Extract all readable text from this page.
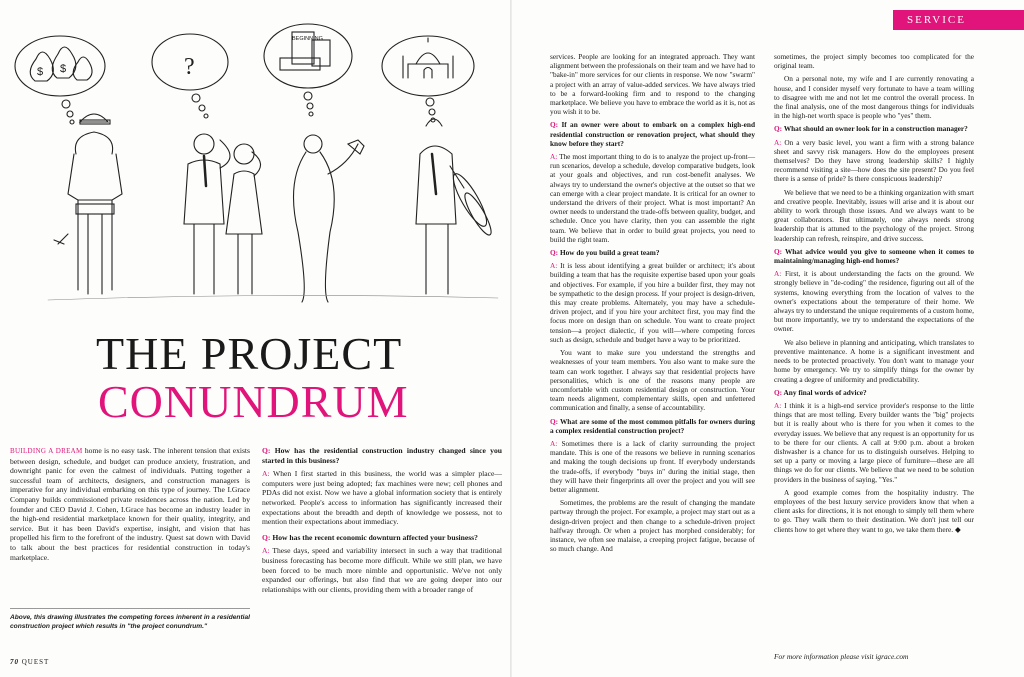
$ $	?
BEGINNING
THE PROJECT
CONUNDRUM

BUILDING A DREAM home is no easy task. The inherent tension that exists between design, schedule, and budget can produce anxiety, frustration, and downright panic for even the calmest of individuals. Putting together a successful team of architects, designers, and construction managers is imperative for any individual embarking on this type of journey. The I.Grace Company builds commissioned private residences across the nation. Led by founder and CEO David J. Cohen, I.Grace has become an industry leader in the high-end residential marketplace known for their quality, integrity, and service. But it has been David's expertise, insight, and vision that has propelled his firm to the forefront of the industry. Quest sat down with David to talk about the best practices for residential construction in today's marketplace.

Above, this drawing illustrates the competing forces inherent in a residential construction project which results in "the project conundrum."

Q: How has the residential construction industry changed since you started in this business?

A: When I first started in this business, the world was a simpler place—computers were just being adopted; fax machines were new; cell phones and PDAs did not exist. Now we have a global information society that is entirely networked. People's access to information has significantly increased their expectations about the breadth and depth of knowledge we possess, not to mention their expectations about immediacy.

Q: How has the recent economic downturn affected your business?

A: These days, speed and variability intersect in such a way that traditional business forecasting has become more difficult. While we still plan, we have been forced to be much more nimble and opportunistic. We've not only expanded our offerings, but also find that we are going deeper into our relationships with our clients, providing them with a broader range of

70 QUEST
SERVICE

services. People are looking for an integrated approach. They want alignment between the professionals on their team and we have had to "bake-in" more services for our clients in response. We now "swarm" a project with an array of value-added services. We have always tried to be a forward-looking firm and to respond to the changing marketplace. We believe you have to embrace the world as it is, not as you wish it to be.

Q: If an owner were about to embark on a complex high-end residential construction or renovation project, what should they know before they start?

A: The most important thing to do is to analyze the project up-front—run scenarios, develop a schedule, develop comparative budgets, look at your goals and objectives, and run cost-benefit analyses. We always try to understand the owner's objective at the outset so that we can emerge with a clear project mandate. It is critical for an owner to understand the drivers of their project. What is most important? An owner needs to understand the trade-offs between quality, budget, and schedule. Once you have clarity, then you can assemble the right team. We believe that in order to build great projects, you need to build the right team.

Q: How do you build a great team?

A: It is less about identifying a great builder or architect; it's about building a team that has the requisite expertise based upon your goals and objectives. For example, if you hire a builder first, they may not be sympathetic to the design process. If your project is design-driven, this may create problems. Alternately, you may have a schedule-driven project, and if you hire your architect first, you may find the focus more on design than on schedule. You want to create project tension—a project dialectic, if you will—where competing forces such as design, schedule and budget have a way to be prioritized.

You want to make sure you understand the strengths and weaknesses of your team members. You also want to make sure the team can work together. I always say that residential projects have personalities, which is one of the reasons many people are uncomfortable with custom residential design or construction. Your team needs alignment, complementary skills, open and unfettered communication and finally, a sense of accountability.

Q: What are some of the most common pitfalls for owners during a complex residential construction project?

A: Sometimes there is a lack of clarity surrounding the project mandate. This is one of the reasons we believe in running scenarios and making the tough decisions up front. If everybody understands the trade-offs, if everybody "buys in" during the initial stage, then they will have their fingerprints all over the project and you will see better alignment.

Sometimes, the problems are the result of changing the mandate partway through the project. For example, a project may start out as a design-driven project and then change to a schedule-driven project halfway through. Or when a project has morphed considerably; for instance, we often see malaise, a creeping project fatigue, because of so much change. And

sometimes, the project simply becomes too complicated for the original team.

On a personal note, my wife and I are currently renovating a house, and I consider myself very fortunate to have a team willing to disagree with me and not let me control the overall process. In the final analysis, one of the most dangerous things for individuals in the high-net worth space is people who "yes" them.

Q: What should an owner look for in a construction manager?

A: On a very basic level, you want a firm with a strong balance sheet and savvy risk managers. How do the employees present themselves? Do they have strong leadership skills? I highly recommend visiting a site—how does the site present? Do you feel there is a sense of pride? Is there conspicuous leadership?

We believe that we need to be a thinking organization with smart and creative people. Inevitably, issues will arise and it is about our ability to work through those issues. And we always want to be great collaborators. But ultimately, one always needs strong leadership that is attuned to the psychology of the project. Strong leadership can refresh, reinspire, and drive success.

Q: What advice would you give to someone when it comes to maintaining/managing high-end homes?

A: First, it is about understanding the facts on the ground. We strongly believe in "de-coding" the residence, figuring out all of the systems, knowing everything from the location of valves to the owner's expectations about the temperature of their home. We always try to understand the unique requirements of a custom home, but more importantly, we try to understand the expectations of the owner.

We also believe in planning and anticipating, which translates to preventive maintenance. A home is a significant investment and needs to be protected proactively. You don't want to manage your home by emergency. We try to simplify things for the owner by creating a degree of uniformity and predictability.

Q: Any final words of advice?

A: I think it is a high-end service provider's response to the little things that are most telling. Every builder wants the "big" projects but it is really about who is there for you when it comes to the everyday issues. We believe that any request is an opportunity for us to be there for our clients. A call at 9:00 p.m. about a broken dishwasher is a chance for us to distinguish ourselves. Helping to set up a party or moving a large piece of furniture—these are all things we do for our clients. We believe that we need to be solution providers in the business of saying, "Yes."

A good example comes from the hospitality industry. The employees of the best luxury service providers know that when a client asks for directions, it is not enough to simply tell them where to go. They walk them to their destination. We don't just tell our clients how to get where they want to go, we take them there. ◆

For more information please visit igrace.com
